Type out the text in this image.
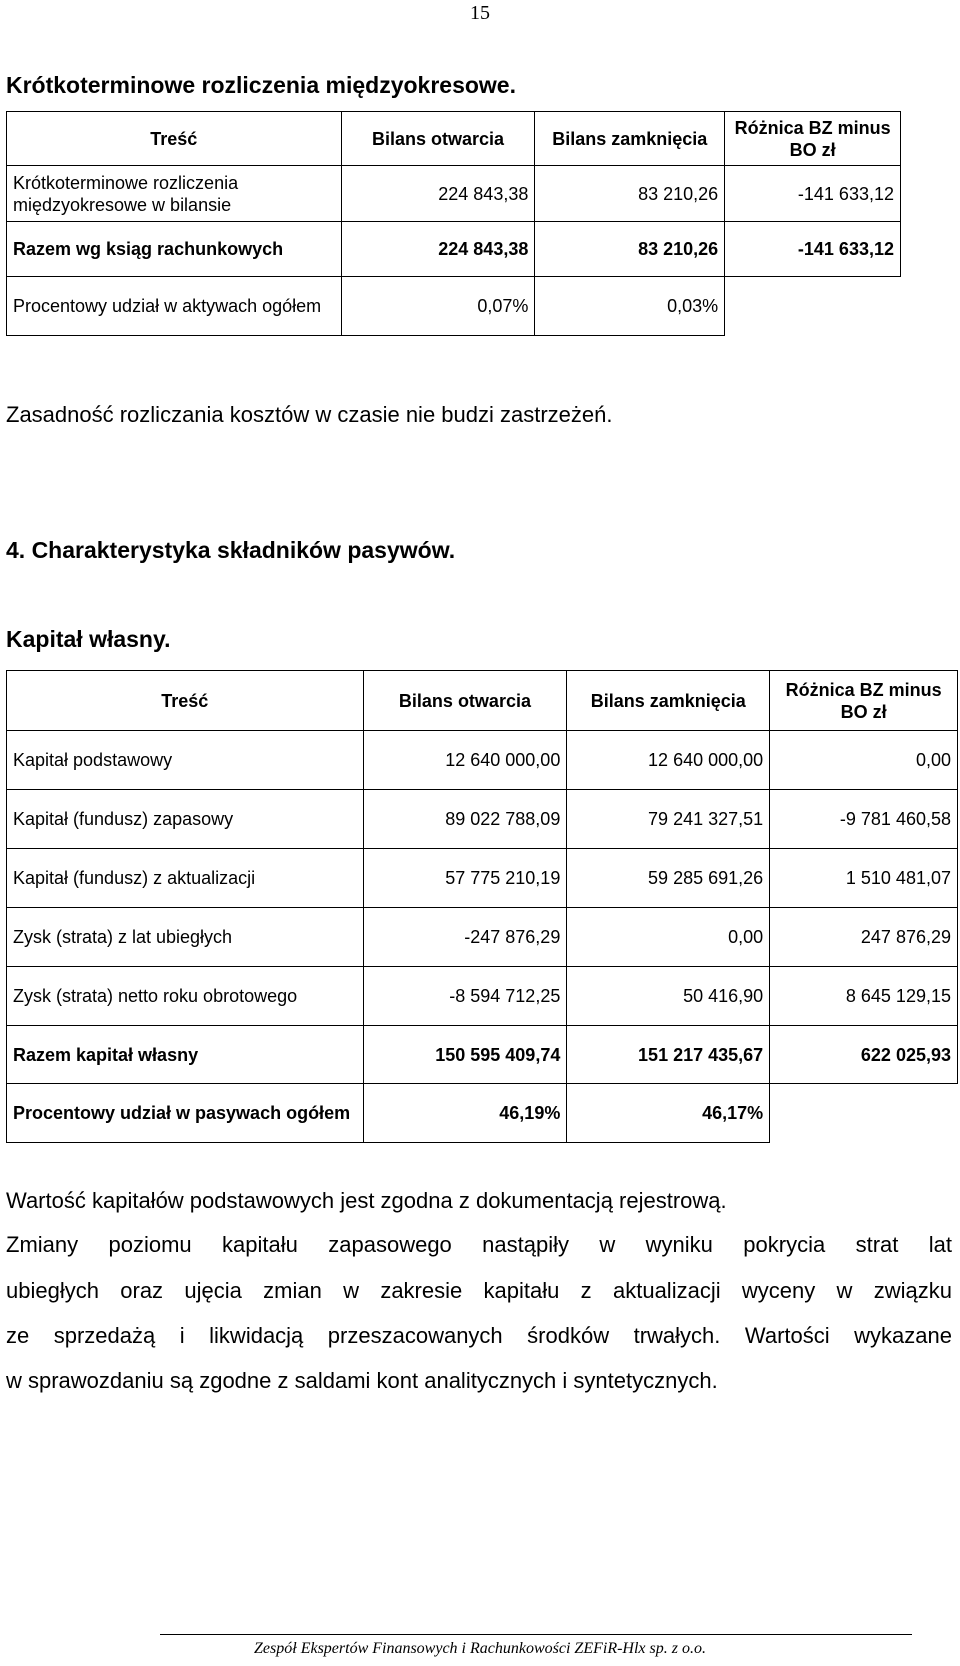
15
Krótkoterminowe rozliczenia międzyokresowe.
Treść	Bilans otwarcia	Bilans zamknięcia	Różnica BZ minus BO zł
Krótkoterminowe rozliczenia międzyokresowe w bilansie	224 843,38	83 210,26	-141 633,12
Razem wg ksiąg rachunkowych	224 843,38	83 210,26	-141 633,12
Procentowy udział w aktywach ogółem	0,07%	0,03%	
Zasadność rozliczania kosztów w czasie nie budzi zastrzeżeń.
4. Charakterystyka składników pasywów.
Kapitał własny.
Treść	Bilans otwarcia	Bilans zamknięcia	Różnica BZ minus BO zł
Kapitał podstawowy	12 640 000,00	12 640 000,00	0,00
Kapitał (fundusz) zapasowy	89 022 788,09	79 241 327,51	-9 781 460,58
Kapitał (fundusz) z aktualizacji	57 775 210,19	59 285 691,26	1 510 481,07
Zysk (strata) z lat ubiegłych	-247 876,29	0,00	247 876,29
Zysk (strata) netto roku obrotowego	-8 594 712,25	50 416,90	8 645 129,15
Razem kapitał własny	150 595 409,74	151 217 435,67	622 025,93
Procentowy udział w pasywach ogółem	46,19%	46,17%	
Wartość kapitałów podstawowych jest zgodna z dokumentacją rejestrową.
Zmiany poziomu kapitału zapasowego nastąpiły w wyniku pokrycia strat lat
ubiegłych oraz ujęcia zmian w zakresie kapitału z aktualizacji wyceny w związku
ze sprzedażą i likwidacją przeszacowanych środków trwałych. Wartości wykazane
w sprawozdaniu są zgodne z saldami kont analitycznych i syntetycznych.
Zespół Ekspertów Finansowych i Rachunkowości ZEFiR-Hlx sp. z o.o.
